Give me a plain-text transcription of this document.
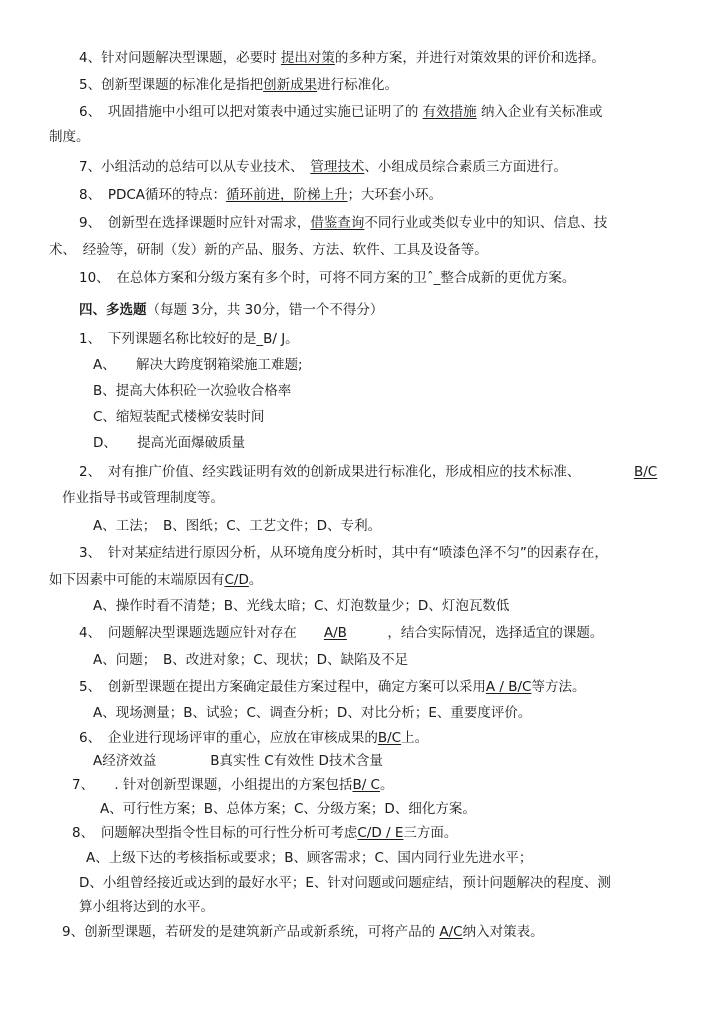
4、针对问题解决型课题，必要时 提出对策的多种方案，并进行对策效果的评价和选择。
5、创新型课题的标准化是指把创新成果进行标准化。
6、　 巩固措施中小组可以把对策表中通过实施已证明了的 有效措施 纳入企业有关标准或
制度。
7、小组活动的总结可以从专业技术、　 管理技术、小组成员综合素质三方面进行。
8、　 PDCA循环的特点：循环前进，阶梯上升；大环套小环。
9、　 创新型在选择课题时应针对需求，借鉴查询不同行业或类似专业中的知识、信息、技
术、　经验等，研制（发）新的产品、服务、方法、软件、工具及设备等。
10、　 在总体方案和分级方案有多个时，可将不同方案的卫ˆ_整合成新的更优方案。
四、多选题（每题 3分，共 30分，错一个不得分）
1、　 下列课题名称比较好的是_B/ J。
A、　　解决大跨度钢箱梁施工难题;
B、提高大体积砼一次验收合格率
C、缩短装配式楼梯安装时间
D、　　提高光面爆破质量
2、　 对有推广价值、经实践证明有效的创新成果进行标准化，形成相应的技术标准、	B/C
作业指导书或管理制度等。
A、工法；　B、图纸；C、工艺文件；D、专利。
3、　 针对某症结进行原因分析，从环境角度分析时，其中有“喷漆色泽不匀”的因素存在，
如下因素中可能的末端原因有C/D。
A、操作时看不清楚；B、光线太暗；C、灯泡数量少；D、灯泡瓦数低
4、　 问题解决型课题选题应针对存在　　 A/B　　　	，结合实际情况，选择适宜的课题。
A、问题；　B、改进对象；C、现状；D、缺陷及不足
5、　 创新型课题在提出方案确定最佳方案过程中，确定方案可以采用A / B/C等方法。
A、现场测量；B、试验；C、调查分析；D、对比分析；E、重要度评价。
6、　 企业进行现场评审的重心，应放在审核成果的B/C上。
A经济效益　　　　B真实性 C有效性 D技术含量
7、　　 . 针对创新型课题，小组提出的方案包括B/ C。
A、可行性方案；B、总体方案；C、分级方案；D、细化方案。
8、　 问题解决型指令性目标的可行性分析可考虑C/D / E三方面。
A、上级下达的考核指标或要求；B、顾客需求；C、国内同行业先进水平；
D、小组曾经接近或达到的最好水平；E、针对问题或问题症结，预计问题解决的程度、测
算小组将达到的水平。
9、创新型课题，若研发的是建筑新产品或新系统，可将产品的 A/C纳入对策表。
